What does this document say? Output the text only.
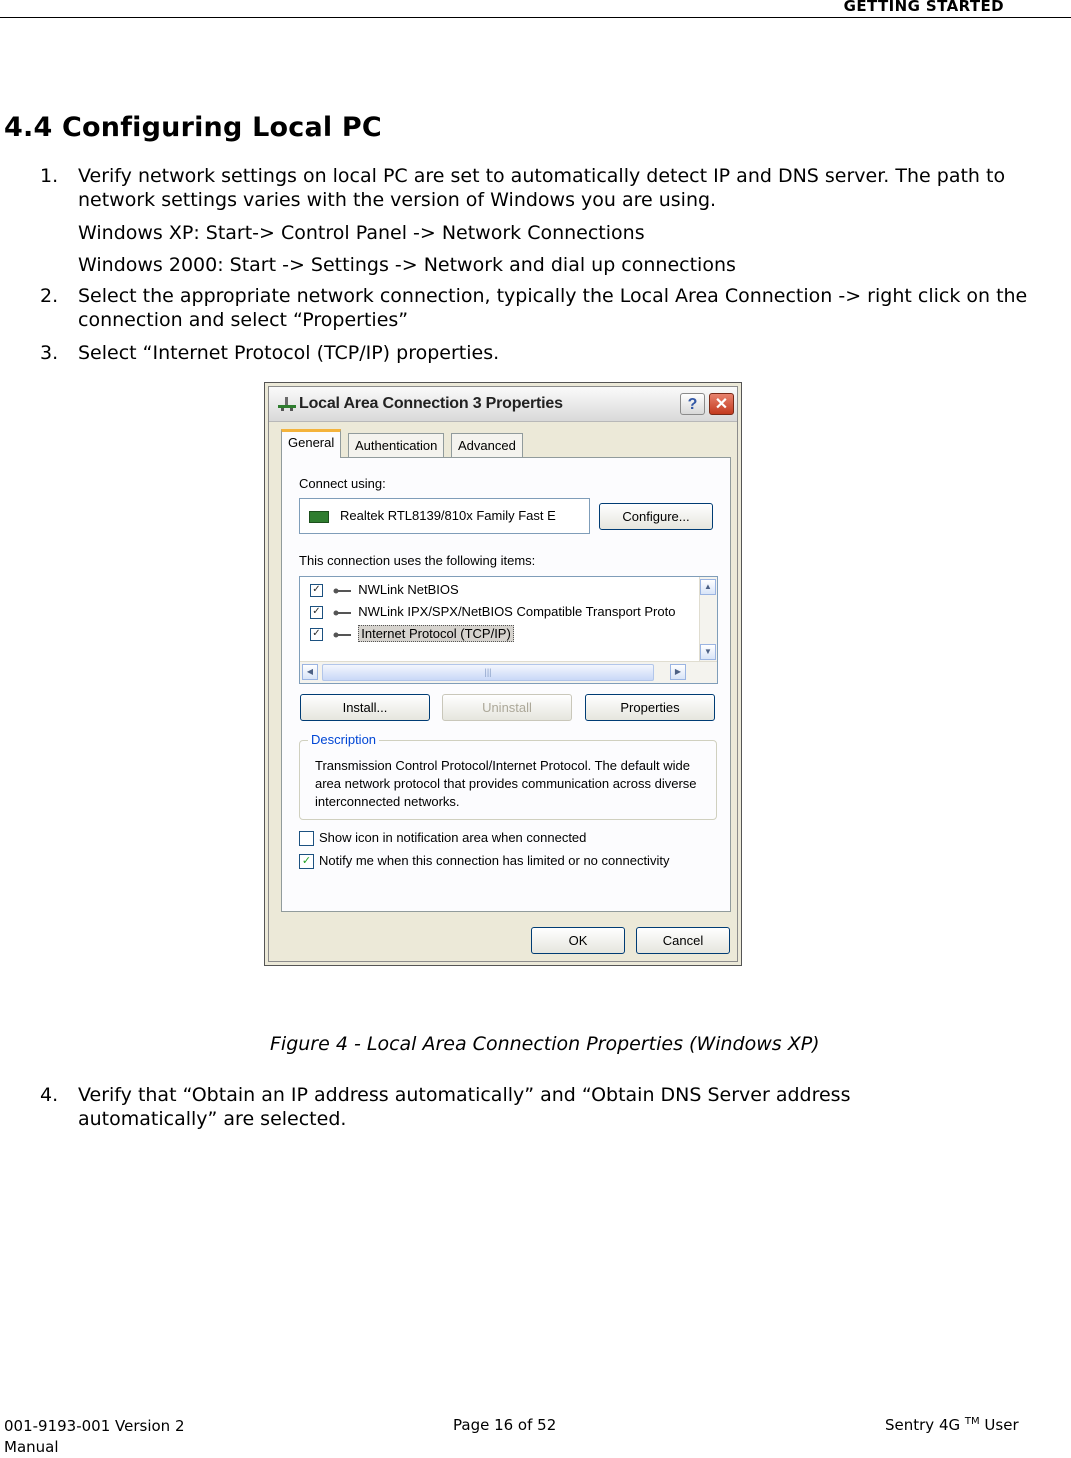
GETTING STARTED
4.4 Configuring Local PC
1. Verify network settings on local PC are set to automatically detect IP and DNS server. The path to network settings varies with the version of Windows you are using.
Windows XP: Start-> Control Panel -> Network Connections
Windows 2000: Start -> Settings -> Network and dial up connections
2. Select the appropriate network connection, typically the Local Area Connection -> right click on the connection and select “Properties”
3. Select “Internet Protocol (TCP/IP) properties.
Local Area Connection 3 Properties	?	✕
General	Authentication	Advanced
Connect using:
Realtek RTL8139/810x Family Fast E	Configure...
This connection uses the following items:
✓	NWLink NetBIOS
✓	NWLink IPX/SPX/NetBIOS Compatible Transport Proto
✓	Internet Protocol (TCP/IP)
▲
▼
◀	|||	▶
Install...	Uninstall	Properties
Description
Transmission Control Protocol/Internet Protocol. The default wide area network protocol that provides communication across diverse interconnected networks.
Show icon in notification area when connected
✓ Notify me when this connection has limited or no connectivity
OK	Cancel
Figure 4 - Local Area Connection Properties (Windows XP)
4. Verify that “Obtain an IP address automatically” and “Obtain DNS Server address automatically” are selected.
001-9193-001 Version 2
Manual
Page 16 of 52	Sentry 4G ™ User
